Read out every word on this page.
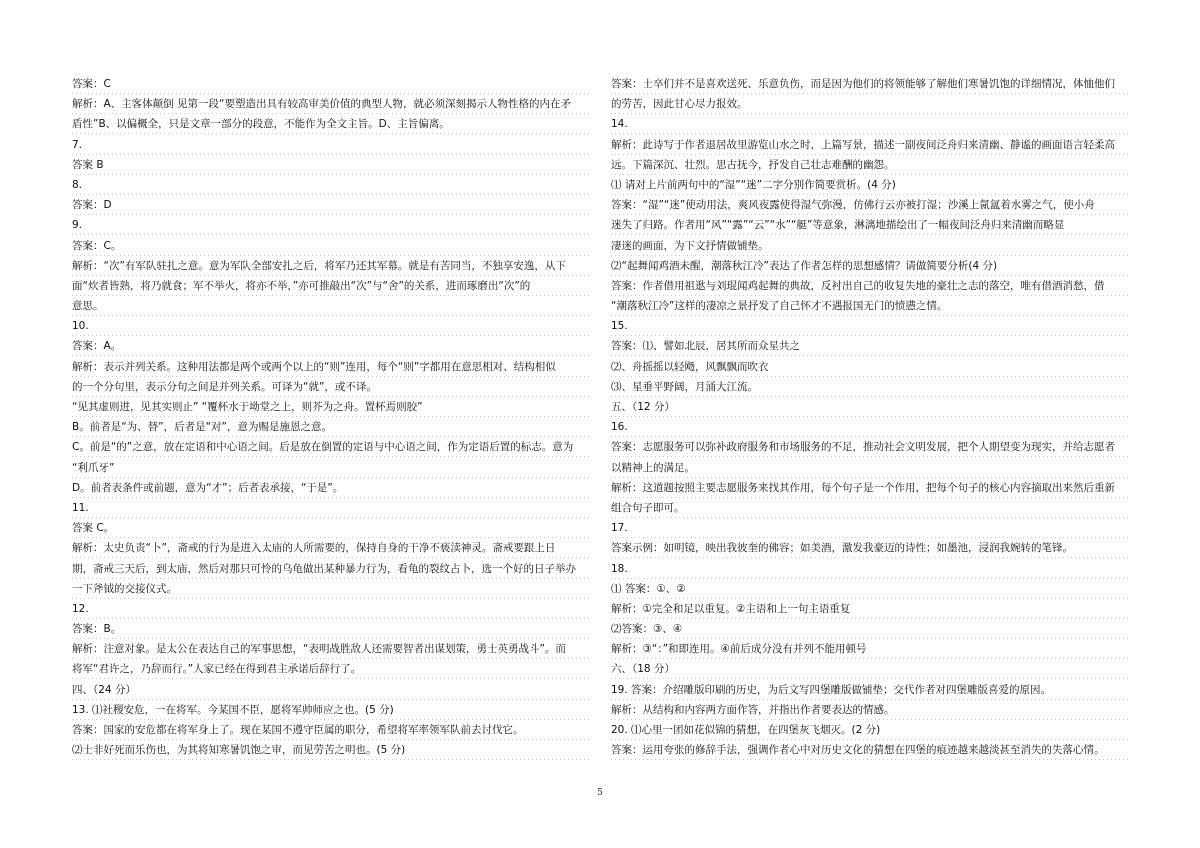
答案：C
解析：A、主客体颠倒 见第一段“要塑造出具有较高审美价值的典型人物，就必须深刻揭示人物性格的内在矛
盾性”B、以偏概全，只是文章一部分的段意，不能作为全文主旨。D、主旨偏离。
7.
答案 B
8.
答案：D
9.
答案：C。
解析：“次”有军队驻扎之意。意为军队全部安扎之后，将军乃还其军幕。就是有苦同当，不独享安逸，从下
面“炊者皆熟，将乃就食；军不举火，将亦不举，”亦可推敲出“次”与“舍”的关系，进而琢磨出“次”的
意思。
10.
答案：A。
解析：表示并列关系。这种用法都是两个或两个以上的“则”连用，每个“则”字都用在意思相对、结构相似
的一个分句里，表示分句之间是并列关系。可译为“就”，或不译。
“见其虚则进，见其实则止” “覆杯水于坳堂之上，则芥为之舟。置杯焉则胶”
B。前者是“为、替”，后者是“对”，意为赐是施恩之意。
C。前是“的”之意，放在定语和中心语之间。后是放在倒置的定语与中心语之间，作为定语后置的标志。意为
“利爪牙”
D。前者表条件或前题，意为“才”；后者表承接，“于是”。
11.
答案 C。
解析：太史负责“卜”，斋戒的行为是进入太庙的人所需要的，保持自身的干净不亵渎神灵。斋戒要跟上日
期，斋戒三天后，到太庙，然后对那只可怜的乌龟做出某种暴力行为，看龟的裂纹占卜，选一个好的日子举办
一下斧钺的交接仪式。
12.
答案：B。
解析：注意对象。是太公在表达自己的军事思想，“表明战胜敌人还需要智者出谋划策，勇士英勇战斗”。而
将军“君许之，乃辞而行。”人家已经在得到君主承诺后辞行了。
四、（24 分）
13. ⑴社稷安危，一在将军。今某国不臣，愿将军帅师应之也。(5 分)
答案：国家的安危都在将军身上了。现在某国不遵守臣属的职分，希望将军率领军队前去讨伐它。
⑵士非好死而乐伤也，为其将知寒暑饥饱之审，而见劳苦之明也。(5 分)
答案：士卒们并不是喜欢送死、乐意负伤，而是因为他们的将领能够了解他们寒暑饥饱的详细情况，体恤他们
的劳苦，因此甘心尽力报效。
14.
解析：此诗写于作者退居故里游览山水之时，上篇写景，描述一副夜间泛舟归来清幽、静谧的画面语言轻柔高
远。下篇深沉、壮烈。思古抚今，抒发自己壮志难酬的幽怨。
⑴ 请对上片前两句中的“湿”“迷”二字分别作简要赏析。(4 分)
答案：“湿”“迷”使动用法，爽风夜露使得湿气弥漫，仿佛行云亦被打湿；沙溪上氤氲着水雾之气，使小舟
迷失了归路。作者用“风”“露”“云”“水”“艇”等意象，淋漓地描绘出了一幅夜间泛舟归来清幽而略显
凄迷的画面，为下文抒情做铺垫。
⑵“起舞闻鸡酒未醒，潮落秋江冷”表达了作者怎样的思想感情？请做简要分析(4 分)
答案：作者借用祖逖与刘琨闻鸡起舞的典故，反衬出自己的收复失地的豪壮之志的落空，唯有借酒消愁，借
“潮落秋江冷”这样的凄凉之景抒发了自己怀才不遇报国无门的愤懑之情。
15.
答案：⑴、譬如北辰，居其所而众星共之
⑵、舟摇摇以轻飏，风飘飘而吹衣
⑶、星垂平野阔，月涌大江流。
五、（12 分）
16.
答案：志愿服务可以弥补政府服务和市场服务的不足，推动社会文明发展，把个人期望变为现实，并给志愿者
以精神上的满足。
解析：这道题按照主要志愿服务来找其作用，每个句子是一个作用，把每个句子的核心内容摘取出来然后重新
组合句子即可。
17.
答案示例：如明镜，映出我彼奎的佛容；如美酒，激发我豪迈的诗性；如墨池，浸润我婉转的笔锋。
18.
⑴ 答案：①、②
解析：①完全和足以重复。②主语和上一句主语重复
⑵答案：③、④
解析：③“：”和即连用。④前后成分没有并列不能用顿号
六、（18 分）
19. 答案：介绍雕版印刷的历史，为后文写四堡雕版做铺垫；交代作者对四堡雕版喜爱的原因。
解析：从结构和内容两方面作答，并指出作者要表达的情感。
20. ⑴心里一团如花似锦的猜想，在四堡灰飞烟灭。(2 分)
答案：运用夸张的修辞手法，强调作者心中对历史文化的猜想在四堡的痕迹越来越淡甚至消失的失落心情。
5
